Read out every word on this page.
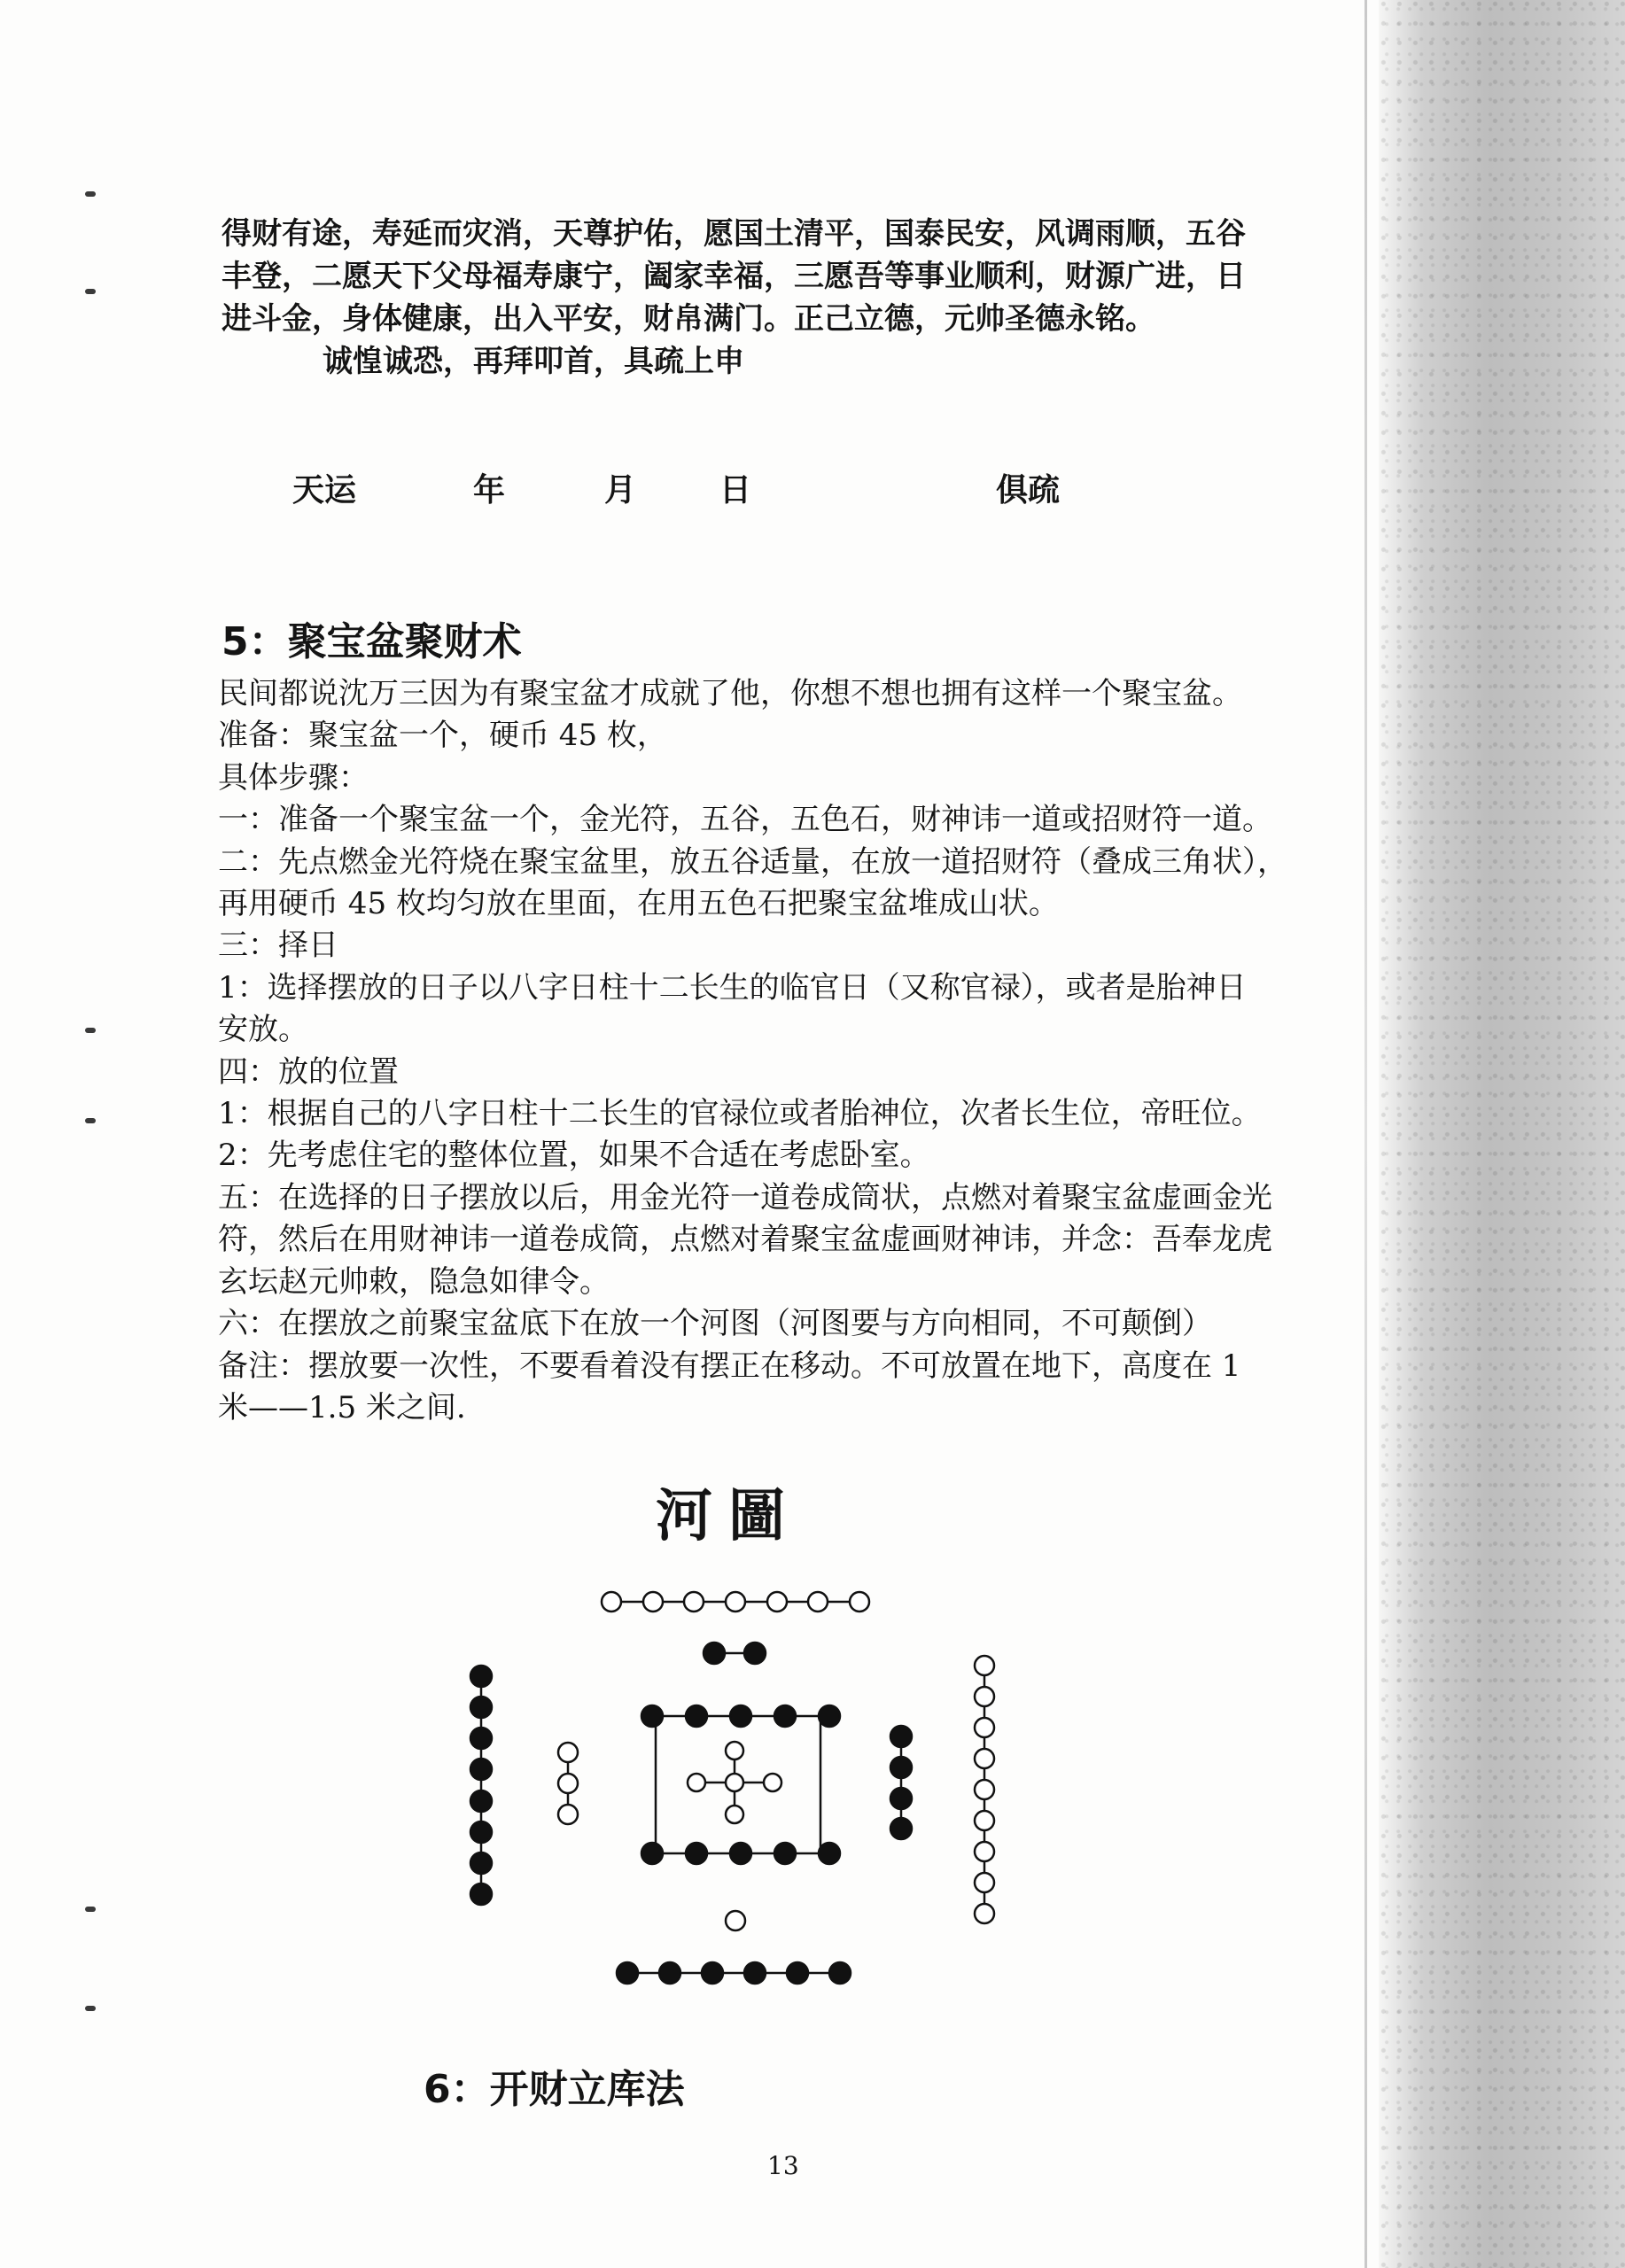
得财有途，寿延而灾消，天尊护佑，愿国土清平，国泰民安，风调雨顺，五谷
丰登，二愿天下父母福寿康宁，阖家幸福，三愿吾等事业顺利，财源广进，日
进斗金，身体健康，出入平安，财帛满门。正己立德，元帅圣德永铭。
诚惶诚恐，再拜叩首，具疏上申
天运	年	月	日	俱疏
5：聚宝盆聚财术
民间都说沈万三因为有聚宝盆才成就了他，你想不想也拥有这样一个聚宝盆。
准备：聚宝盆一个，硬币 45 枚，
具体步骤：
一：准备一个聚宝盆一个，金光符，五谷，五色石，财神讳一道或招财符一道。
二：先点燃金光符烧在聚宝盆里，放五谷适量，在放一道招财符（叠成三角状），
再用硬币 45 枚均匀放在里面，在用五色石把聚宝盆堆成山状。
三：择日
1：选择摆放的日子以八字日柱十二长生的临官日（又称官禄），或者是胎神日
安放。
四：放的位置
1：根据自己的八字日柱十二长生的官禄位或者胎神位，次者长生位，帝旺位。
2：先考虑住宅的整体位置，如果不合适在考虑卧室。
五：在选择的日子摆放以后，用金光符一道卷成筒状，点燃对着聚宝盆虚画金光
符，然后在用财神讳一道卷成筒，点燃对着聚宝盆虚画财神讳，并念：吾奉龙虎
玄坛赵元帅敕，隐急如律令。
六：在摆放之前聚宝盆底下在放一个河图（河图要与方向相同，不可颠倒）
备注：摆放要一次性，不要看着没有摆正在移动。不可放置在地下，高度在 1
米——1.5 米之间.
河圖
6：开财立库法
13
